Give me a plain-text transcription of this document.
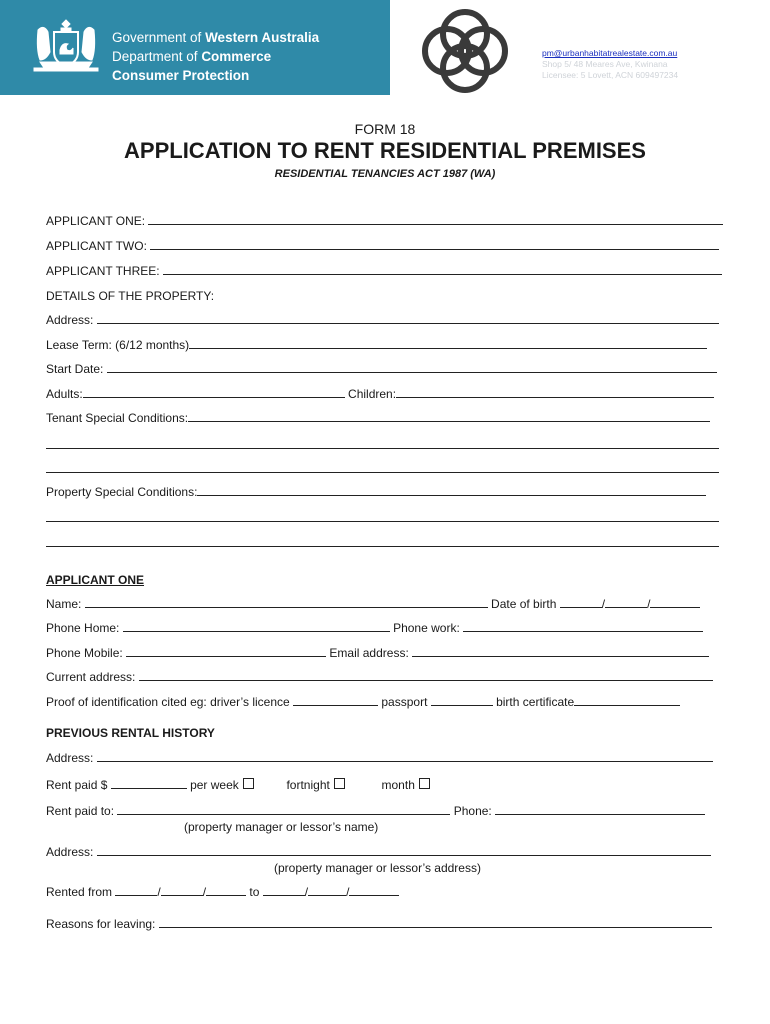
Government of Western Australia
Department of Commerce
Consumer Protection
pm@urbanhabitatrealestate.com.au
Shop 5/ 48 Meares Ave, Kwinana
Licensee: 5 Lovett, ACN 609497234
FORM 18
APPLICATION TO RENT RESIDENTIAL PREMISES
RESIDENTIAL TENANCIES ACT 1987 (WA)
APPLICANT ONE:
APPLICANT TWO:
APPLICANT THREE:
DETAILS OF THE PROPERTY:
Address:
Lease Term: (6/12 months)
Start Date:
Adults:	Children:
Tenant Special Conditions:
Property Special Conditions:
APPLICANT ONE
Name:	Date of birth	/	/
Phone Home:	Phone work:
Phone Mobile:	Email address:
Current address:
Proof of identification cited eg: driver’s licence	passport	birth certificate
PREVIOUS RENTAL HISTORY
Address:
Rent paid $	per week	fortnight	month
Rent paid to:	Phone:
(property manager or lessor’s name)
Address:
(property manager or lessor’s address)
Rented from	/	/	to	/	/
Reasons for leaving:
